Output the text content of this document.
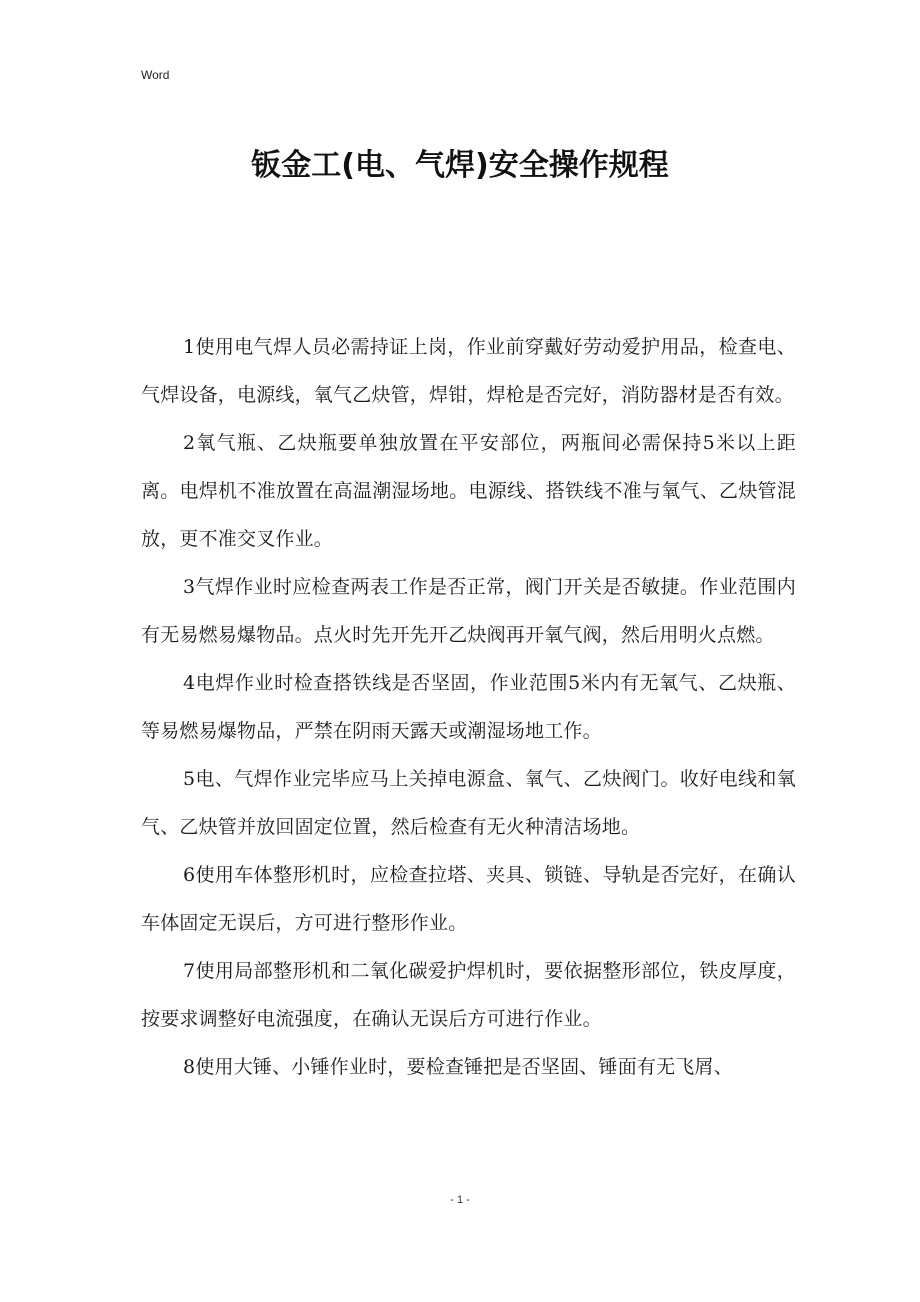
Word
钣金工(电、气焊)安全操作规程

1使用电气焊人员必需持证上岗，作业前穿戴好劳动爱护用品，检查电、气焊设备，电源线，氧气乙炔管，焊钳，焊枪是否完好，消防器材是否有效。

2氧气瓶、乙炔瓶要单独放置在平安部位，两瓶间必需保持5米以上距离。电焊机不准放置在高温潮湿场地。电源线、搭铁线不准与氧气、乙炔管混放，更不准交叉作业。

3气焊作业时应检查两表工作是否正常，阀门开关是否敏捷。作业范围内有无易燃易爆物品。点火时先开先开乙炔阀再开氧气阀，然后用明火点燃。

4电焊作业时检查搭铁线是否坚固，作业范围5米内有无氧气、乙炔瓶、等易燃易爆物品，严禁在阴雨天露天或潮湿场地工作。

5电、气焊作业完毕应马上关掉电源盒、氧气、乙炔阀门。收好电线和氧气、乙炔管并放回固定位置，然后检查有无火种清洁场地。

6使用车体整形机时，应检查拉塔、夹具、锁链、导轨是否完好，在确认车体固定无误后，方可进行整形作业。

7使用局部整形机和二氧化碳爱护焊机时，要依据整形部位，铁皮厚度，按要求调整好电流强度，在确认无误后方可进行作业。

8使用大锤、小锤作业时，要检查锤把是否坚固、锤面有无飞屑、

- 1 -
